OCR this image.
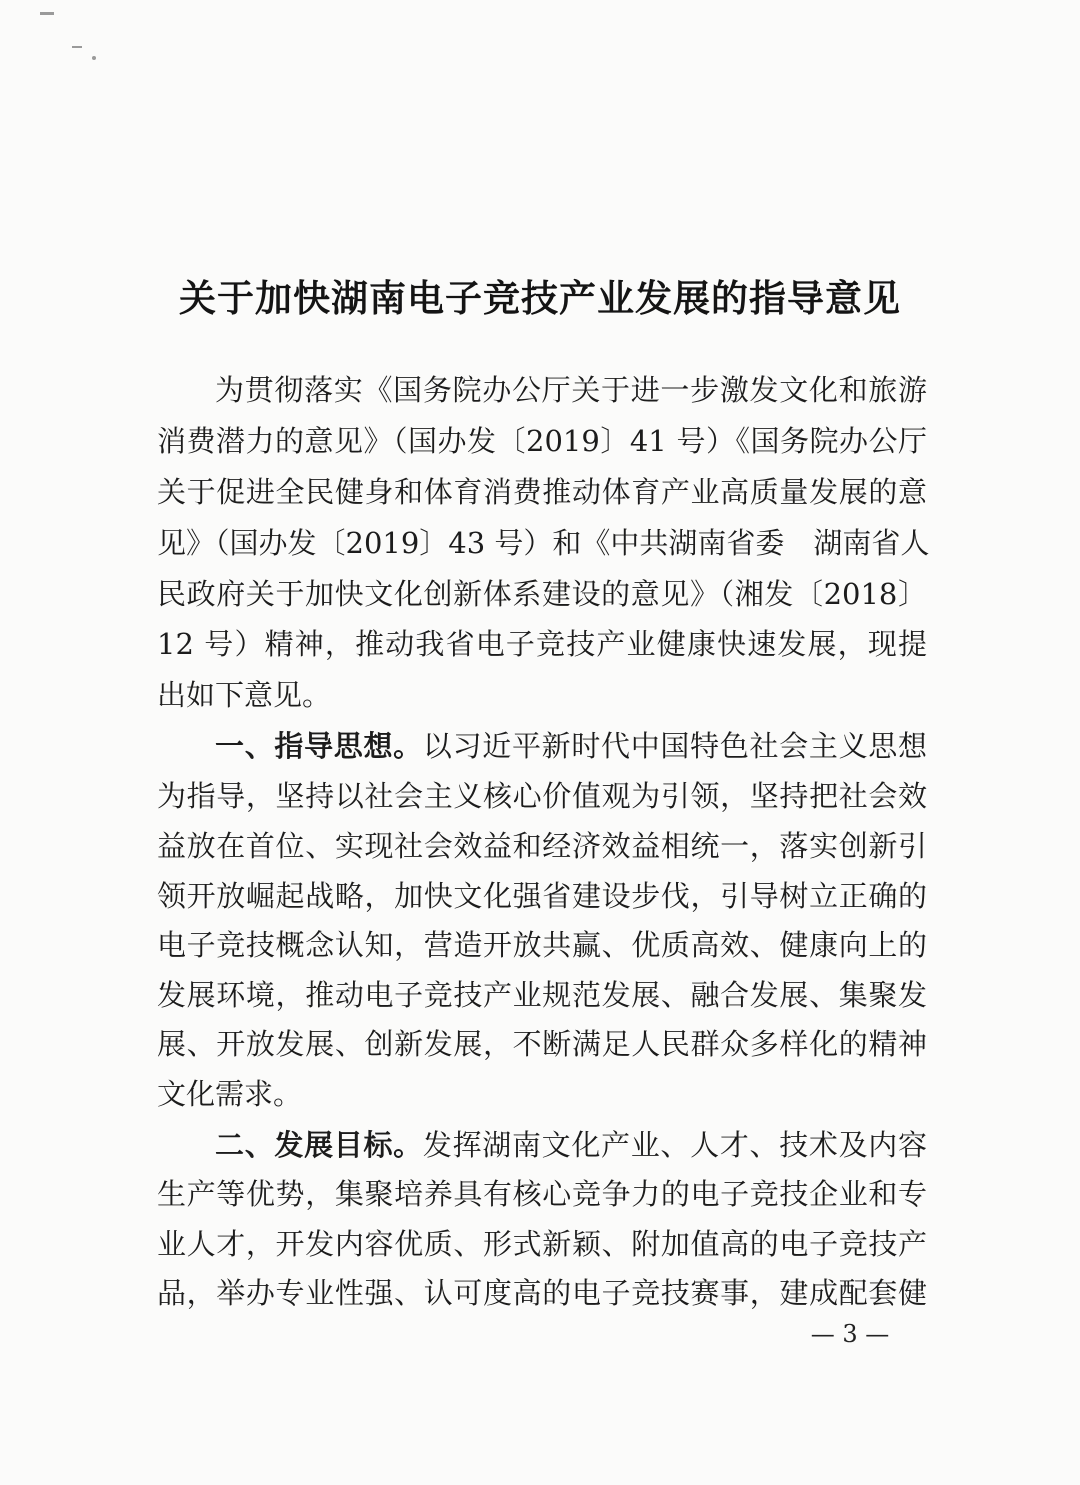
关于加快湖南电子竞技产业发展的指导意见

为贯彻落实《国务院办公厅关于进一步激发文化和旅游

消费潜力的意见》（国办发〔2019〕41 号）《国务院办公厅

关于促进全民健身和体育消费推动体育产业高质量发展的意

见》（国办发〔2019〕43 号）和《中共湖南省委　湖南省人

民政府关于加快文化创新体系建设的意见》（湘发〔2018〕

12 号）精神，推动我省电子竞技产业健康快速发展，现提

出如下意见。

一、指导思想。以习近平新时代中国特色社会主义思想

为指导，坚持以社会主义核心价值观为引领，坚持把社会效

益放在首位、实现社会效益和经济效益相统一，落实创新引

领开放崛起战略，加快文化强省建设步伐，引导树立正确的

电子竞技概念认知，营造开放共赢、优质高效、健康向上的

发展环境，推动电子竞技产业规范发展、融合发展、集聚发

展、开放发展、创新发展，不断满足人民群众多样化的精神

文化需求。

二、发展目标。发挥湖南文化产业、人才、技术及内容

生产等优势，集聚培养具有核心竞争力的电子竞技企业和专

业人才，开发内容优质、形式新颖、附加值高的电子竞技产

品，举办专业性强、认可度高的电子竞技赛事，建成配套健

— 3 —
